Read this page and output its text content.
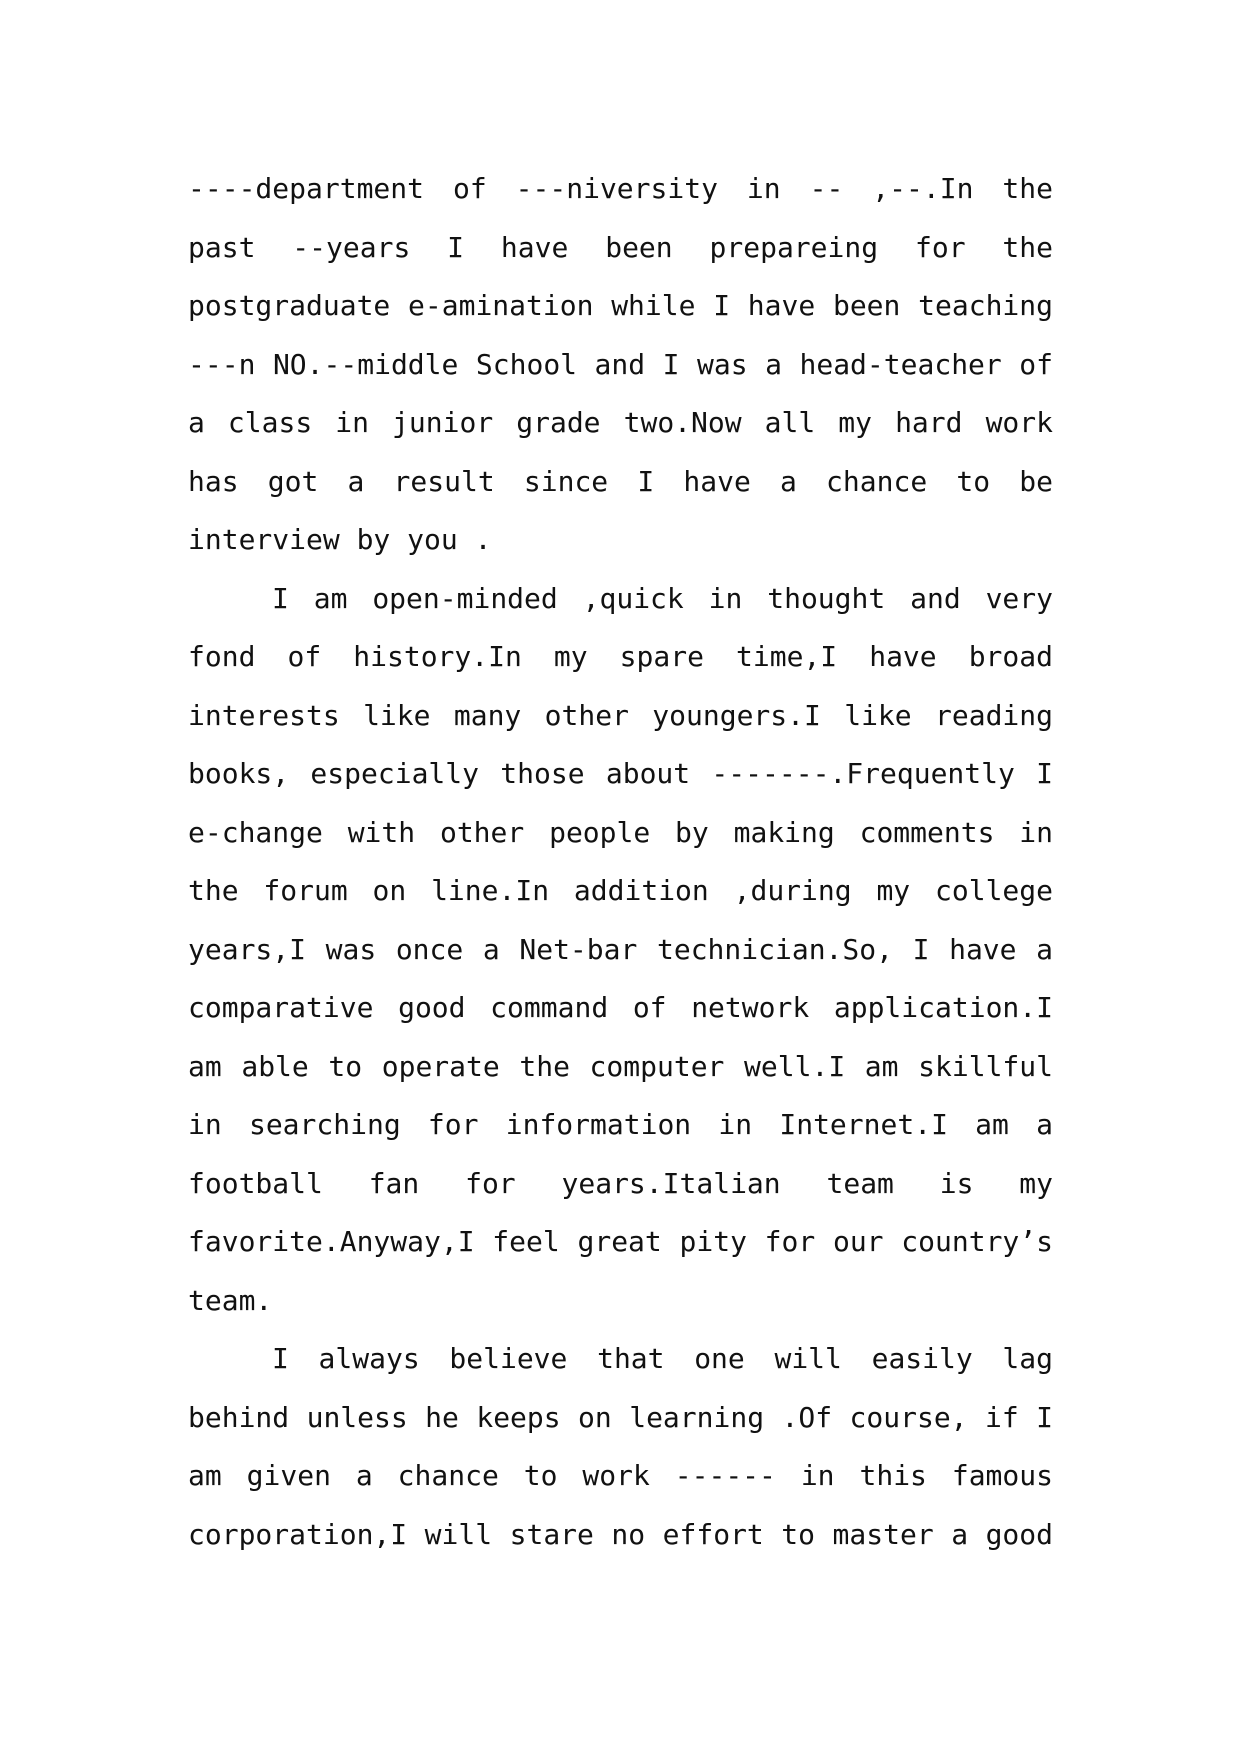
----department of ---niversity in -- ,--.In the
past --years I have been prepareing for the
postgraduate e-amination while I have been teaching
---n NO.--middle School and I was a head-teacher of
a class in junior grade two.Now all my hard work
has got a result since I have a chance to be
interview by you .
I am open-minded ,quick in thought and very
fond of history.In my spare time,I have broad
interests like many other youngers.I like reading
books, especially those about -------.Frequently I
e-change with other people by making comments in
the forum on line.In addition ,during my college
years,I was once a Net-bar technician.So, I have a
comparative good command of network application.I
am able to operate the computer well.I am skillful
in searching for information in Internet.I am a
football fan for years.Italian team is my
favorite.Anyway,I feel great pity for our country’s
team.
I always believe that one will easily lag
behind unless he keeps on learning .Of course, if I
am given a chance to work ------ in this famous
corporation,I will stare no effort to master a good
